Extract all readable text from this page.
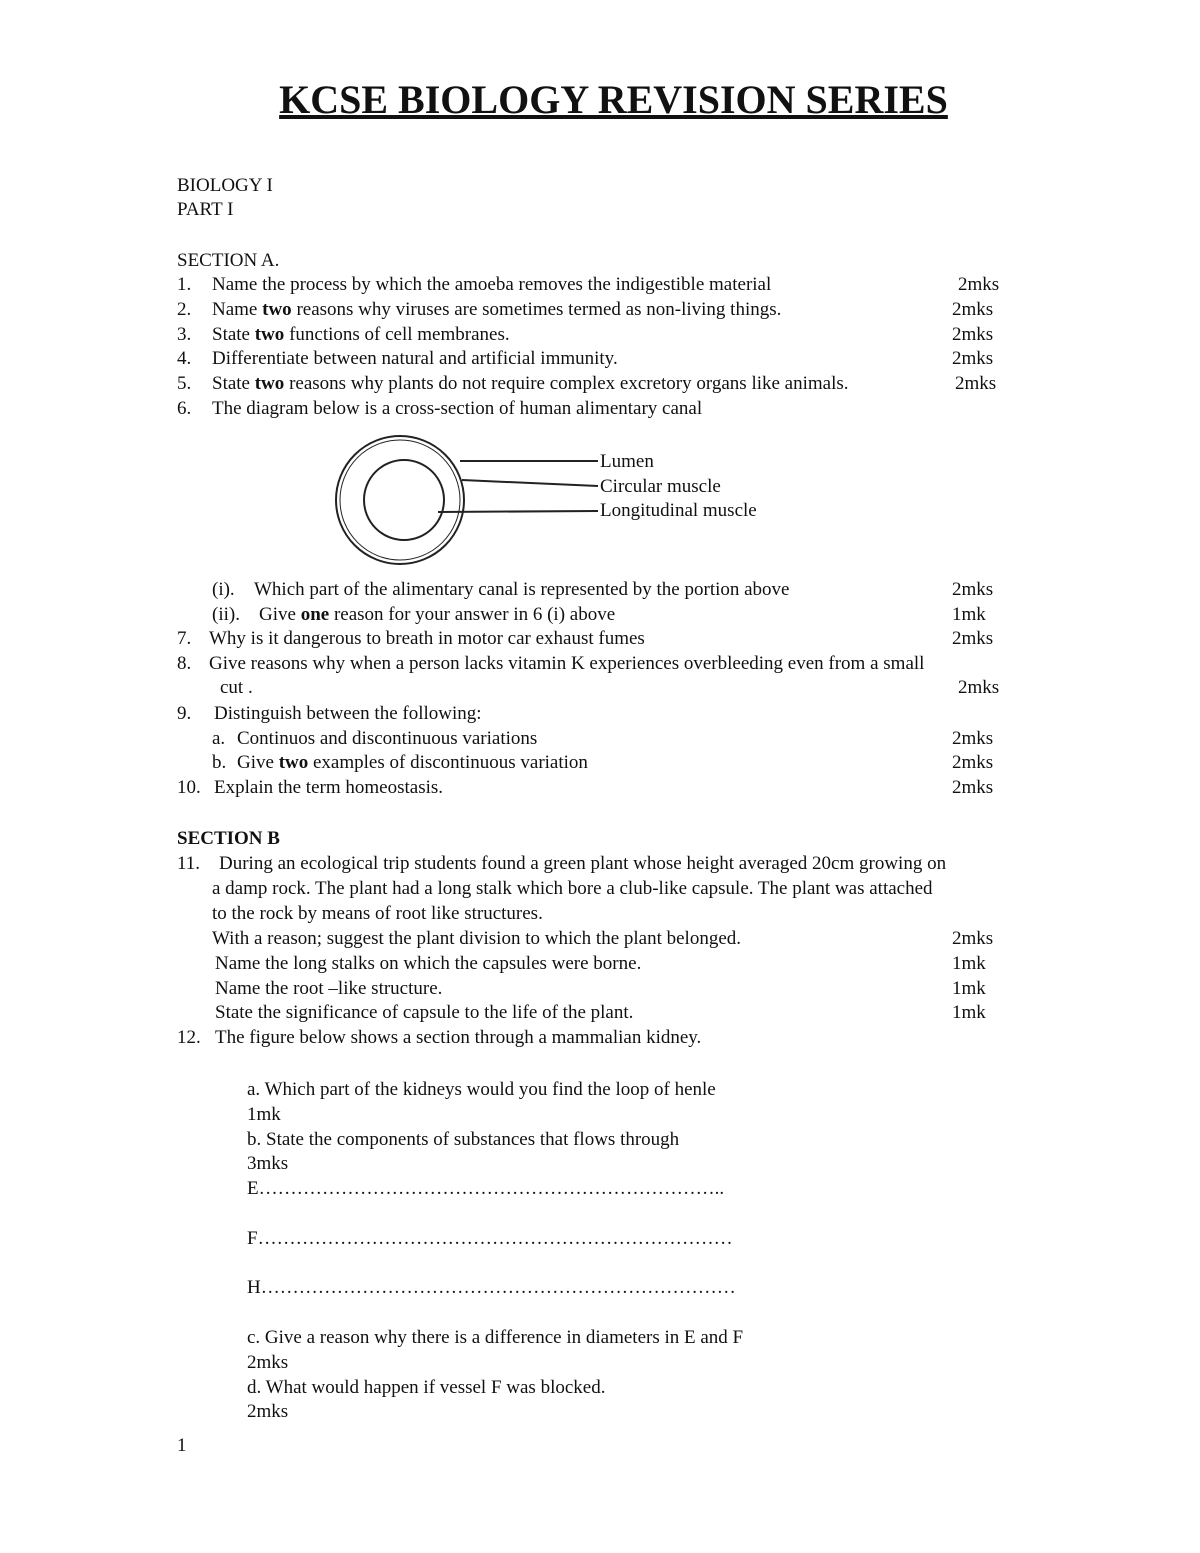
KCSE BIOLOGY REVISION SERIES
BIOLOGY I
PART I
SECTION A.
1. Name the process by which the amoeba removes the indigestible material	2mks
2. Name two reasons why viruses are sometimes termed as non-living things.	2mks
3. State two functions of cell membranes.	2mks
4. Differentiate between natural and artificial immunity.	2mks
5. State two reasons why plants do not require complex excretory organs like animals.	2mks
6. The diagram below is a cross-section of human alimentary canal
Lumen
Circular muscle
Longitudinal muscle
(i). Which part of the alimentary canal is represented by the portion above	2mks
(ii). Give one reason for your answer in 6 (i) above	1mk
7. Why is it dangerous to breath in motor car exhaust fumes	2mks
8. Give reasons why when a person lacks vitamin K experiences overbleeding even from a small
cut .	2mks
9. Distinguish between the following:
a. Continuos and discontinuous variations	2mks
b. Give two examples of discontinuous variation	2mks
10. Explain the term homeostasis.	2mks
SECTION B
11. During an ecological trip students found a green plant whose height averaged 20cm growing on
a damp rock. The plant had a long stalk which bore a club-like capsule. The plant was attached
to the rock by means of root like structures.
With a reason; suggest the plant division to which the plant belonged.	2mks
Name the long stalks on which the capsules were borne.	1mk
Name the root –like structure.	1mk
State the significance of capsule to the life of the plant.	1mk
12. The figure below shows a section through a mammalian kidney.
a. Which part of the kidneys would you find the loop of henle
1mk
b. State the components of substances that flows through
3mks
E………………………………………………………………..
F…………………………………………………………………
H…………………………………………………………………
c. Give a reason why there is a difference in diameters in E and F
2mks
d. What would happen if vessel F was blocked.
2mks
1
